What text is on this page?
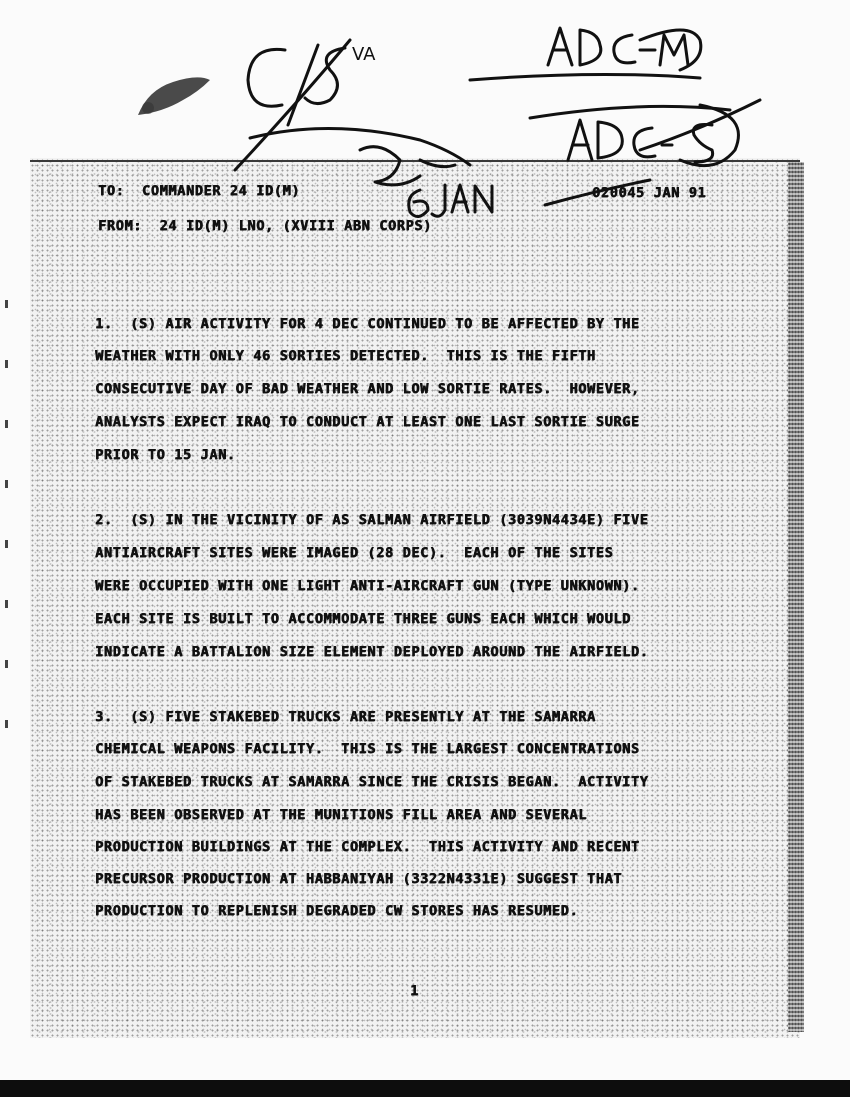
VA
TO:  COMMANDER 24 ID(M)	020045 JAN 91
FROM:  24 ID(M) LNO, (XVIII ABN CORPS)
1.  (S) AIR ACTIVITY FOR 4 DEC CONTINUED TO BE AFFECTED BY THE
WEATHER WITH ONLY 46 SORTIES DETECTED.  THIS IS THE FIFTH
CONSECUTIVE DAY OF BAD WEATHER AND LOW SORTIE RATES.  HOWEVER,
ANALYSTS EXPECT IRAQ TO CONDUCT AT LEAST ONE LAST SORTIE SURGE
PRIOR TO 15 JAN.
2.  (S) IN THE VICINITY OF AS SALMAN AIRFIELD (3039N4434E) FIVE
ANTIAIRCRAFT SITES WERE IMAGED (28 DEC).  EACH OF THE SITES
WERE OCCUPIED WITH ONE LIGHT ANTI-AIRCRAFT GUN (TYPE UNKNOWN).
EACH SITE IS BUILT TO ACCOMMODATE THREE GUNS EACH WHICH WOULD
INDICATE A BATTALION SIZE ELEMENT DEPLOYED AROUND THE AIRFIELD.
3.  (S) FIVE STAKEBED TRUCKS ARE PRESENTLY AT THE SAMARRA
CHEMICAL WEAPONS FACILITY.  THIS IS THE LARGEST CONCENTRATIONS
OF STAKEBED TRUCKS AT SAMARRA SINCE THE CRISIS BEGAN.  ACTIVITY
HAS BEEN OBSERVED AT THE MUNITIONS FILL AREA AND SEVERAL
PRODUCTION BUILDINGS AT THE COMPLEX.  THIS ACTIVITY AND RECENT
PRECURSOR PRODUCTION AT HABBANIYAH (3322N4331E) SUGGEST THAT
PRODUCTION TO REPLENISH DEGRADED CW STORES HAS RESUMED.
1
